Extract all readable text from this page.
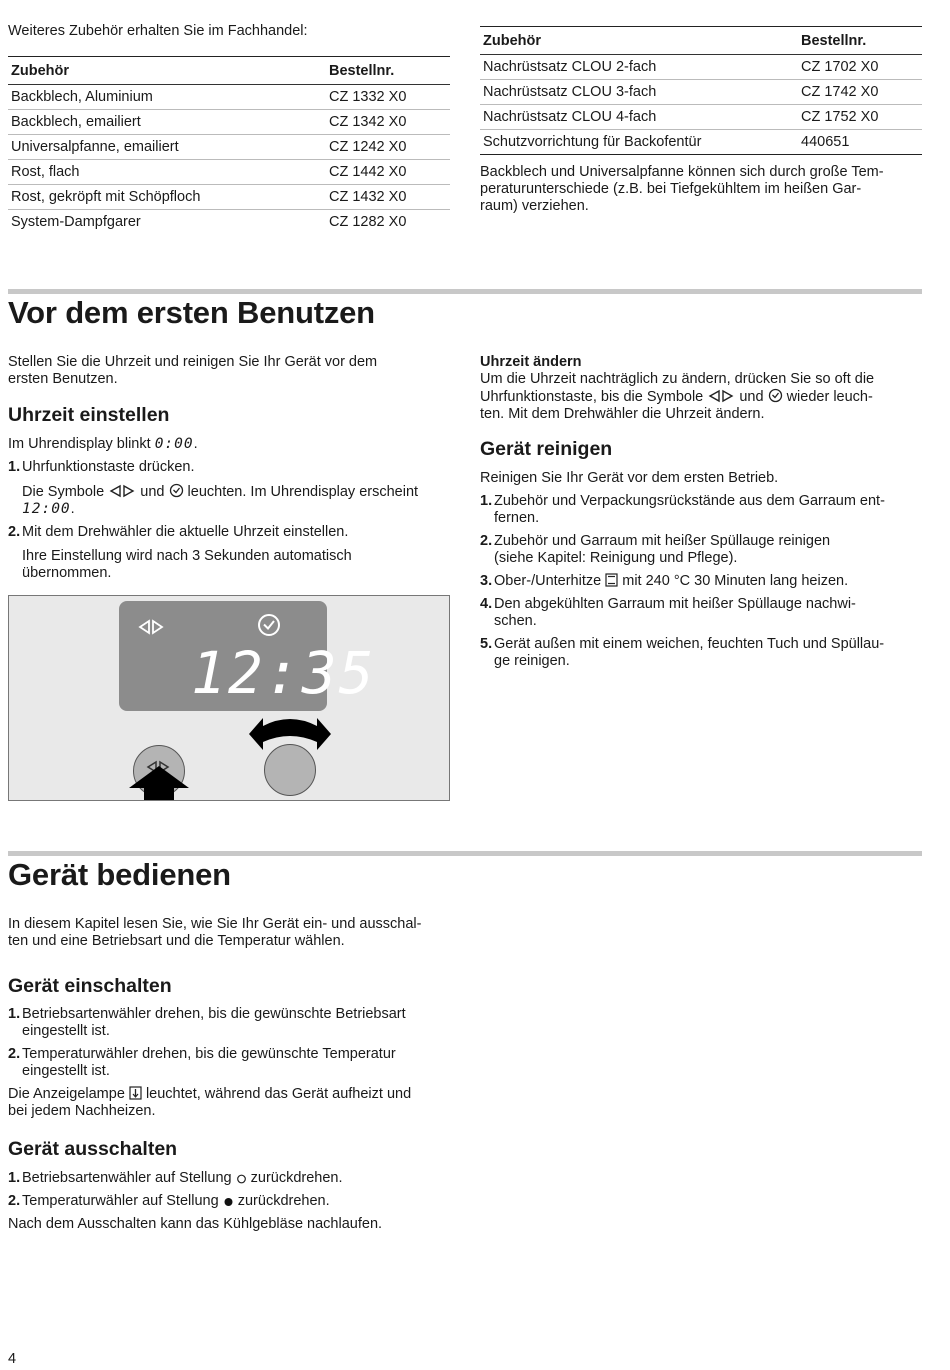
Weiteres Zubehör erhalten Sie im Fachhandel:

Zubehör	Bestellnr.
Backblech, Aluminium	CZ 1332 X0
Backblech, emailiert	CZ 1342 X0
Universalpfanne, emailiert	CZ 1242 X0
Rost, flach	CZ 1442 X0
Rost, gekröpft mit Schöpfloch	CZ 1432 X0
System-Dampfgarer	CZ 1282 X0
Zubehör	Bestellnr.
Nachrüstsatz CLOU 2-fach	CZ 1702 X0
Nachrüstsatz CLOU 3-fach	CZ 1742 X0
Nachrüstsatz CLOU 4-fach	CZ 1752 X0
Schutzvorrichtung für Backofentür	440651

Backblech und Universalpfanne können sich durch große Tem-

peraturunterschiede (z.B. bei Tiefgekühltem im heißen Gar-

raum) verziehen.

Vor dem ersten Benutzen

Stellen Sie die Uhrzeit und reinigen Sie Ihr Gerät vor dem

ersten Benutzen.

Uhrzeit einstellen

Im Uhrendisplay blinkt 0:00.

1. Uhrfunktionstaste drücken.

Die Symbole und leuchten. Im Uhrendisplay erscheint

12:00.

2. Mit dem Drehwähler die aktuelle Uhrzeit einstellen.

Ihre Einstellung wird nach 3 Sekunden automatisch

übernommen.

12:35
Uhrzeit ändern

Um die Uhrzeit nachträglich zu ändern, drücken Sie so oft die

Uhrfunktionstaste, bis die Symbole und wieder leuch-

ten. Mit dem Drehwähler die Uhrzeit ändern.

Gerät reinigen

Reinigen Sie Ihr Gerät vor dem ersten Betrieb.

1. Zubehör und Verpackungsrückstände aus dem Garraum ent-
fernen.
2. Zubehör und Garraum mit heißer Spüllauge reinigen
(siehe Kapitel: Reinigung und Pflege).
3. Ober-/Unterhitze mit 240 °C 30 Minuten lang heizen.
4. Den abgekühlten Garraum mit heißer Spüllauge nachwi-
schen.
5. Gerät außen mit einem weichen, feuchten Tuch und Spüllau-
ge reinigen.
Gerät bedienen

In diesem Kapitel lesen Sie, wie Sie Ihr Gerät ein- und ausschal-

ten und eine Betriebsart und die Temperatur wählen.

Gerät einschalten
1. Betriebsartenwähler drehen, bis die gewünschte Betriebsart
eingestellt ist.
2. Temperaturwähler drehen, bis die gewünschte Temperatur
eingestellt ist.

Die Anzeigelampe leuchtet, während das Gerät aufheizt und

bei jedem Nachheizen.

Gerät ausschalten
1. Betriebsartenwähler auf Stellung zurückdrehen.
2. Temperaturwähler auf Stellung zurückdrehen.

Nach dem Ausschalten kann das Kühlgebläse nachlaufen.

4
